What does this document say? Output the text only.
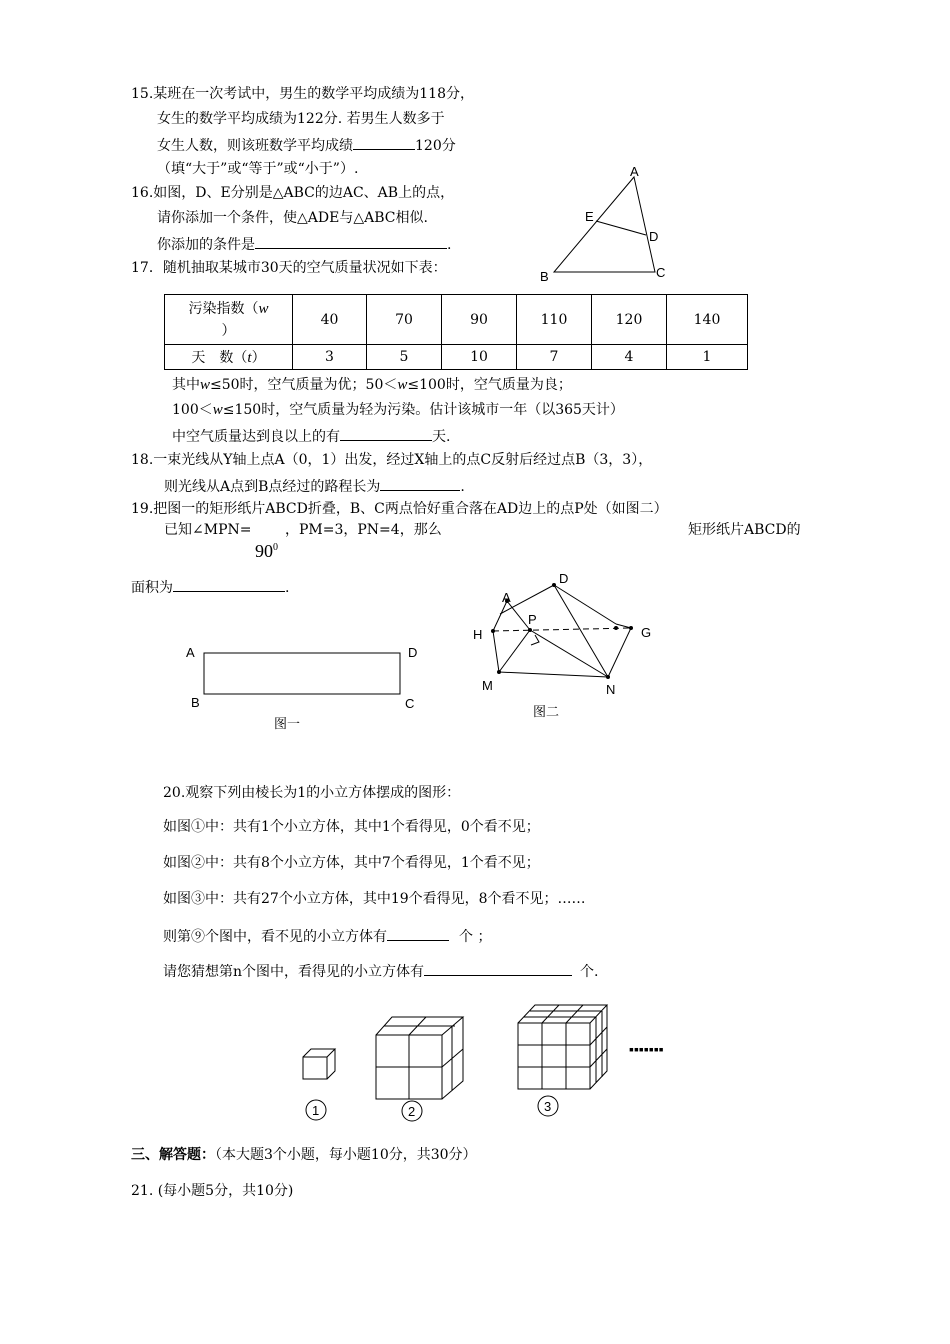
15.某班在一次考试中，男生的数学平均成绩为118分，
女生的数学平均成绩为122分. 若男生人数多于
女生人数，则该班数学平均成绩	120分
（填“大于”或“等于”或“小于”）.
16.如图，D、E分别是△ABC的边AC、AB上的点，
请你添加一个条件，使△ADE与△ABC相似.
你添加的条件是	.
A
E
D
B	C
17．随机抽取某城市30天的空气质量状况如下表：
污染指数（w
）	40	70	90	110	120	140
天　数（t）	3	5	10	7	4	1
其中w≤50时，空气质量为优；50＜w≤100时，空气质量为良；
100＜w≤150时，空气质量为轻为污染。估计该城市一年（以365天计）
中空气质量达到良以上的有	天.
18.一束光线从Y轴上点A（0，1）出发，经过X轴上的点C反射后经过点B（3，3），
则光线从A点到B点经过的路程长为	.
19.把图一的矩形纸片ABCD折叠，B、C两点恰好重合落在AD边上的点P处（如图二）
已知∠MPN= ，PM=3，PN=4，那么	矩形纸片ABCD的
$90^0$
面积为	.
A	D
B	C
图一
D
A
P
H	G
M	N
图二
20.观察下列由棱长为1的小立方体摆成的图形：
如图①中：共有1个小立方体，其中1个看得见，0个看不见；
如图②中：共有8个小立方体，其中7个看得见，1个看不见；
如图③中：共有27个小立方体，其中19个看得见，8个看不见；……
则第⑨个图中，看不见的小立方体有	个 ；
请您猜想第n个图中，看得见的小立方体有	个.
1	2	3
▪▪▪▪▪▪▪
三、解答题：（本大题3个小题，每小题10分，共30分）
21. (每小题5分，共10分)
